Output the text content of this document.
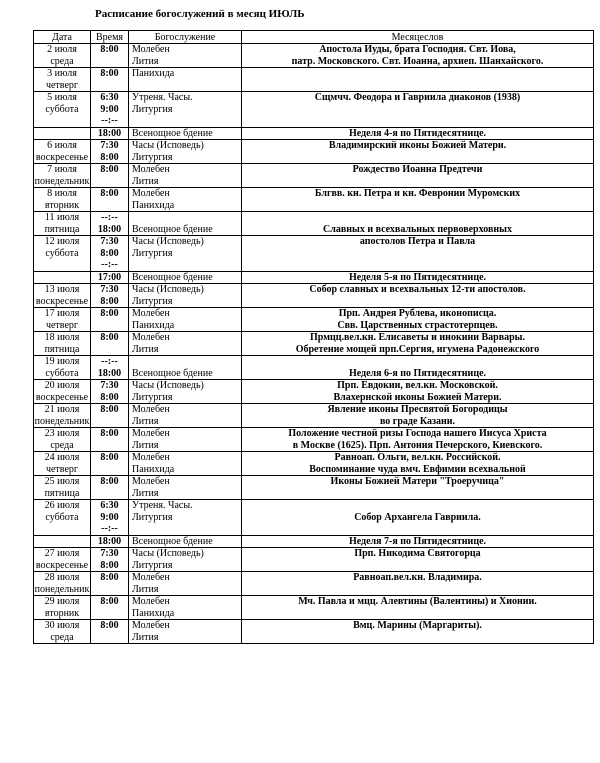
Расписание богослужений в месяц ИЮЛЬ
Дата	Время	Богослужение	Месяцеслов

2 июля
среда	8:00	Молебен
Лития	Апостола Иуды, брата Господня. Свт. Иова,
патр. Московского. Свт. Иоанна, архиеп. Шанхайского.

3 июля
четверг	8:00	Панихида	

5 июля
суббота	6:30
9:00
--:--	Утреня. Часы.
Литургия	Сщмчч. Феодора и Гавриила диаконов (1938)

	18:00	Всенощное бдение	Неделя 4-я по Пятидесятнице.

6 июля
воскресенье	7:30
8:00	Часы (Исповедь)
Литургия	Владимирский иконы Божией Матери.

7 июля
понедельник	8:00	Молебен
Лития	Рождество Иоанна Предтечи

8 июля
вторник	8:00	Молебен
Панихида	Блгвв. кн. Петра и кн. Февронии Муромских

11 июля
пятница	--:--
18:00	Всенощное бдение	Славных и всехвальных первоверховных

12 июля
суббота	7:30
8:00
--:--	Часы (Исповедь)
Литургия	апостолов Петра и Павла

	17:00	Всенощное бдение	Неделя 5-я по Пятидесятнице.

13 июля
воскресенье	7:30
8:00	Часы (Исповедь)
Литургия	Собор славных и всехвальных 12-ти апостолов.

17 июля
четверг	8:00	Молебен
Панихида	Прп. Андрея Рублева, иконописца.
Свв. Царственных страстотерпцев.

18 июля
пятница	8:00	Молебен
Лития	Прмцц.вел.кн. Елисаветы и инокини Варвары.
Обретение мощей прп.Сергия, игумена Радонежского

19 июля
суббота	--:--
18:00	Всенощное бдение	Неделя 6-я по Пятидесятнице.

20 июля
воскресенье	7:30
8:00	Часы (Исповедь)
Литургия	Прп. Евдокии, вел.кн. Московской.
Влахернской иконы Божией Матери.

21 июля
понедельник	8:00	Молебен
Лития	Явление иконы Пресвятой Богородицы
во граде Казани.

23 июля
среда	8:00	Молебен
Лития	Положение честной ризы Господа нашего Иисуса Христа
в Москве (1625). Прп. Антония Печерского, Киевского.

24 июля
четверг	8:00	Молебен
Панихида	Равноап. Ольги, вел.кн. Российской.
Воспоминание чуда вмч. Евфимии всехвальной

25 июля
пятница	8:00	Молебен
Лития	Иконы Божией Матери "Троеручица"

26 июля
суббота	6:30
9:00
--:--	Утреня. Часы.
Литургия	Собор Архангела Гавриила.

	18:00	Всенощное бдение	Неделя 7-я по Пятидесятнице.

27 июля
воскресенье	7:30
8:00	Часы (Исповедь)
Литургия	Прп. Никодима Святогорца

28 июля
понедельник	8:00	Молебен
Лития	Равноап.вел.кн. Владимира.

29 июля
вторник	8:00	Молебен
Панихида	Мч. Павла и мцц. Алевтины (Валентины) и Хионии.

30 июля
среда	8:00	Молебен
Лития	Вмц. Марины (Маргариты).
